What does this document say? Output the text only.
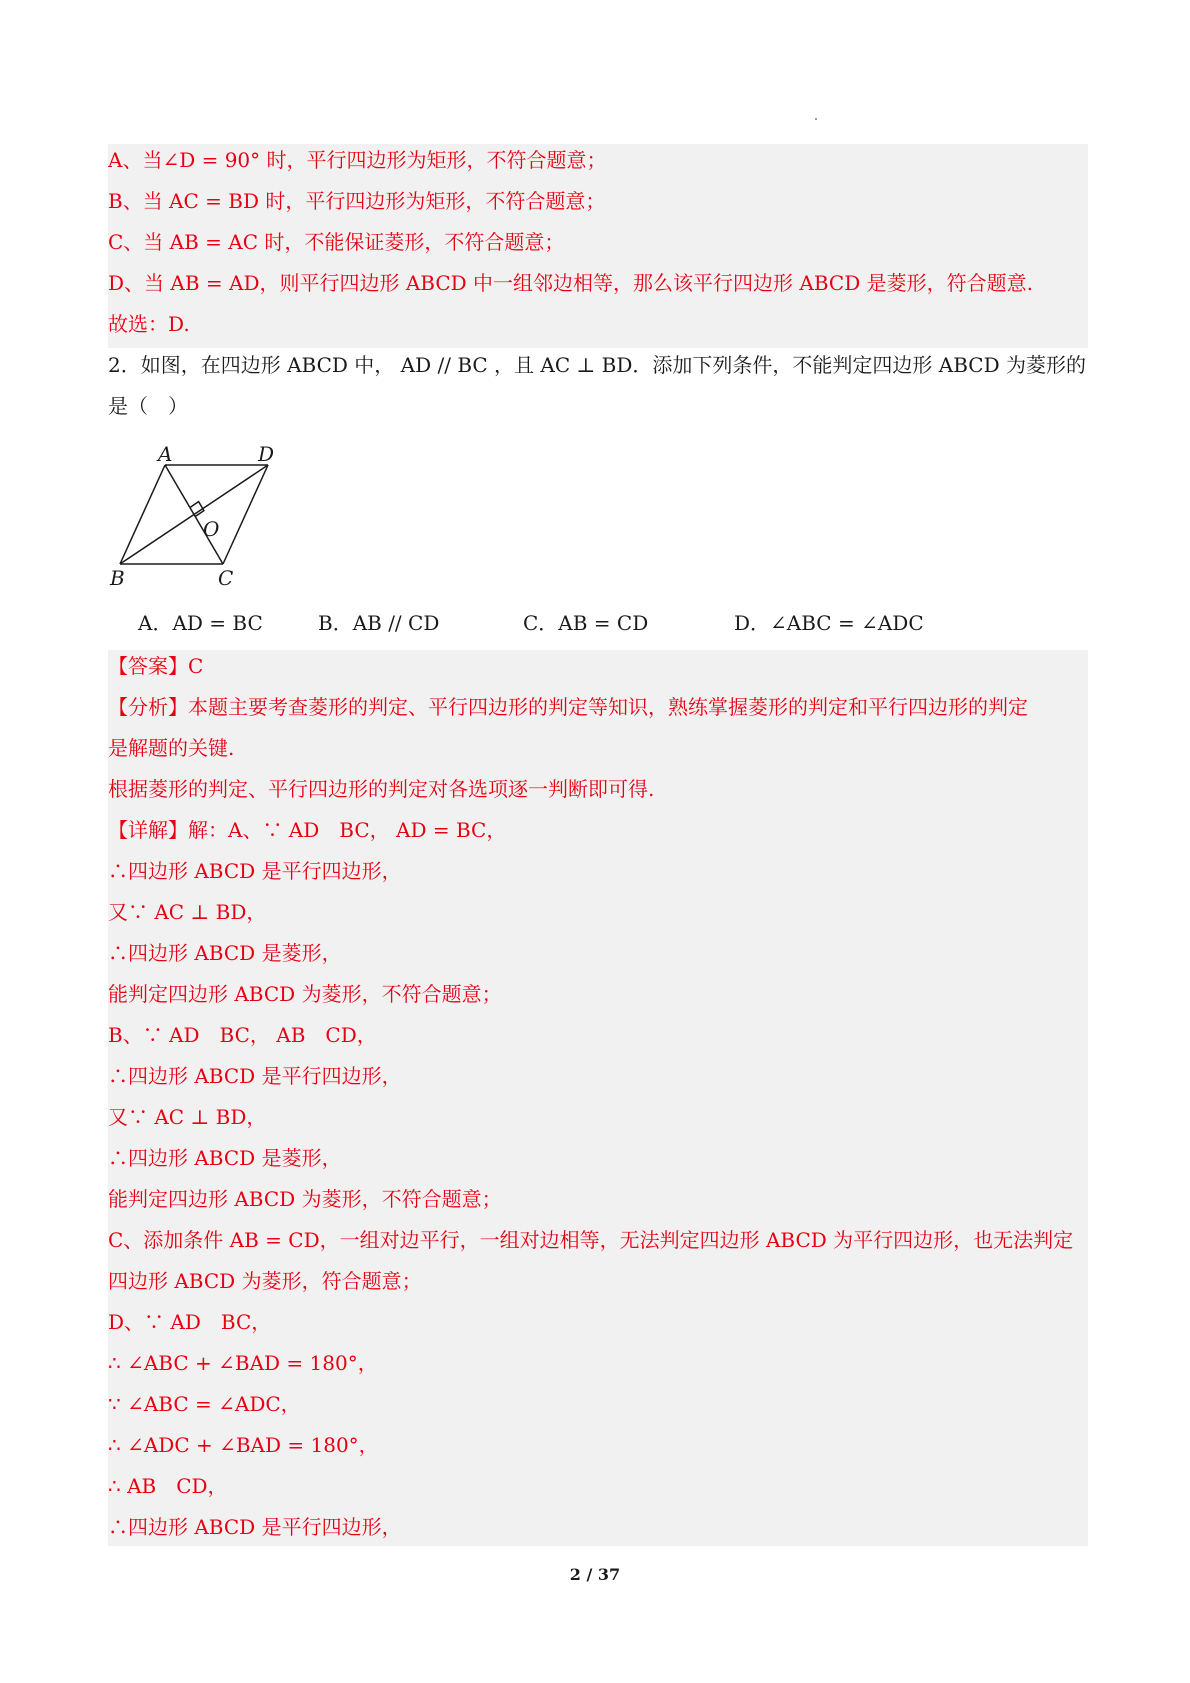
A、当∠D = 90° 时，平行四边形为矩形，不符合题意；
B、当 AC = BD 时，平行四边形为矩形，不符合题意；
C、当 AB = AC 时，不能保证菱形，不符合题意；
D、当 AB = AD，则平行四边形 ABCD 中一组邻边相等，那么该平行四边形 ABCD 是菱形，符合题意.
故选：D.
2．如图，在四边形 ABCD 中， AD // BC ，且 AC ⊥ BD．添加下列条件，不能判定四边形 ABCD 为菱形的
是（　）
A	D
B	C
O
A．AD = BC	B．AB // CD	C．AB = CD	D．∠ABC = ∠ADC
【答案】C
【分析】本题主要考查菱形的判定、平行四边形的判定等知识，熟练掌握菱形的判定和平行四边形的判定
是解题的关键.
根据菱形的判定、平行四边形的判定对各选项逐一判断即可得.
【详解】解：A、∵ AD　BC， AD = BC，
∴四边形 ABCD 是平行四边形，
又∵ AC ⊥ BD，
∴四边形 ABCD 是菱形，
能判定四边形 ABCD 为菱形，不符合题意；
B、∵ AD　BC， AB　CD，
∴四边形 ABCD 是平行四边形，
又∵ AC ⊥ BD，
∴四边形 ABCD 是菱形，
能判定四边形 ABCD 为菱形，不符合题意；
C、添加条件 AB = CD，一组对边平行，一组对边相等，无法判定四边形 ABCD 为平行四边形，也无法判定
四边形 ABCD 为菱形，符合题意；
D、∵ AD　BC，
∴ ∠ABC + ∠BAD = 180°，
∵ ∠ABC = ∠ADC，
∴ ∠ADC + ∠BAD = 180°，
∴ AB　CD，
∴四边形 ABCD 是平行四边形，
2 / 37
